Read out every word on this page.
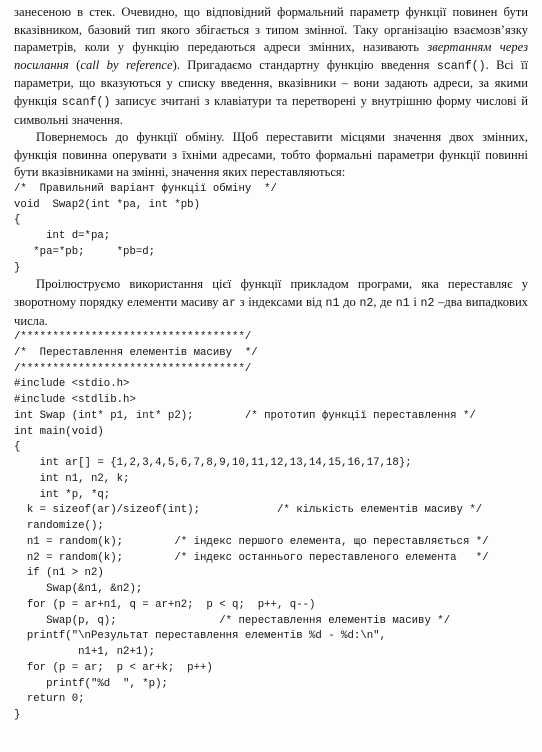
занесеною в стек. Очевидно, що відповідний формальний параметр функції повинен бути вказівником, базовий тип якого збігається з типом змінної. Таку організацію взаємозв’язку параметрів, коли у функцію передаються адреси змінних, називають звертанням через посилання (call by reference). Пригадаємо стандартну функцію введення scanf(). Всі її параметри, що вказуються у списку введення, вказівники – вони задають адреси, за якими функція scanf() записує зчитані з клавіатури та перетворені у внутрішню форму числові й символьні значення.

Повернемось до функції обміну. Щоб переставити місцями значення двох змінних, функція повинна оперувати з їхніми адресами, тобто формальні параметри функції повинні бути вказівниками на змінні, значення яких переставляються:

/*  Правильний варіант функції обміну  */
void  Swap2(int *pa, int *pb)
{
int d=*pa;
*pa=*pb;     *pb=d;
}

Проілюструємо використання цієї функції прикладом програми, яка переставляє у зворотному порядку елементи масиву ar з індексами від n1 до n2, де n1 і n2 –два випадкових числа.

/***********************************/
/*  Переставлення елементів масиву  */
/***********************************/
#include <stdio.h>
#include <stdlib.h>
int Swap (int* p1, int* p2);        /* прототип функції переставлення */
int main(void)
{
int ar[] = {1,2,3,4,5,6,7,8,9,10,11,12,13,14,15,16,17,18};
int n1, n2, k;
int *p, *q;
k = sizeof(ar)/sizeof(int);            /* кількість елементів масиву */
randomize();
n1 = random(k);        /* індекс першого елемента, що переставляється */
n2 = random(k);        /* індекс останнього переставленого елемента   */
if (n1 > n2)
Swap(&n1, &n2);
for (p = ar+n1, q = ar+n2;  p < q;  p++, q--)
Swap(p, q);                /* переставлення елементів масиву */
printf("\nРезультат переставлення елементів %d - %d:\n",
n1+1, n2+1);
for (p = ar;  p < ar+k;  p++)
printf("%d  ", *p);
return 0;
}
